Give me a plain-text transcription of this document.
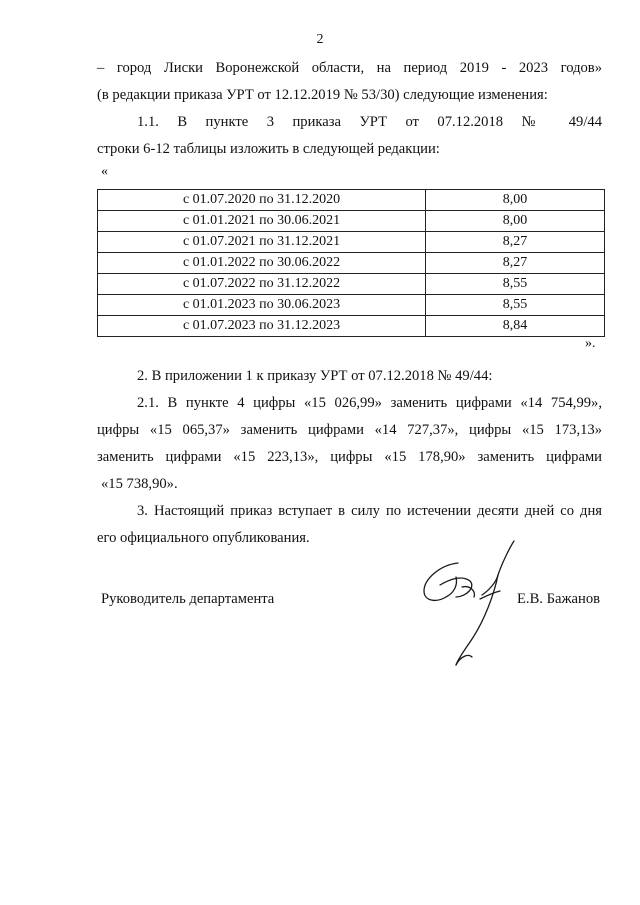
2
– город Лиски Воронежской области, на период 2019 - 2023 годов»
(в редакции приказа УРТ от 12.12.2019 № 53/30) следующие изменения:
1.1. В пункте 3 приказа УРТ от 07.12.2018 № 49/44
строки 6-12 таблицы изложить в следующей редакции:
«
с 01.07.2020 по 31.12.2020	8,00
с 01.01.2021 по 30.06.2021	8,00
с 01.07.2021 по 31.12.2021	8,27
с 01.01.2022 по 30.06.2022	8,27
с 01.07.2022 по 31.12.2022	8,55
с 01.01.2023 по 30.06.2023	8,55
с 01.07.2023 по 31.12.2023	8,84
».
2. В приложении 1 к приказу УРТ от 07.12.2018 № 49/44:
2.1. В пункте 4 цифры «15 026,99» заменить цифрами «14 754,99»,
цифры «15 065,37» заменить цифрами «14 727,37», цифры «15 173,13»
заменить цифрами «15 223,13», цифры «15 178,90» заменить цифрами
«15 738,90».
3. Настоящий приказ вступает в силу по истечении десяти дней со дня
его официального опубликования.
Руководитель департамента	Е.В. Бажанов
